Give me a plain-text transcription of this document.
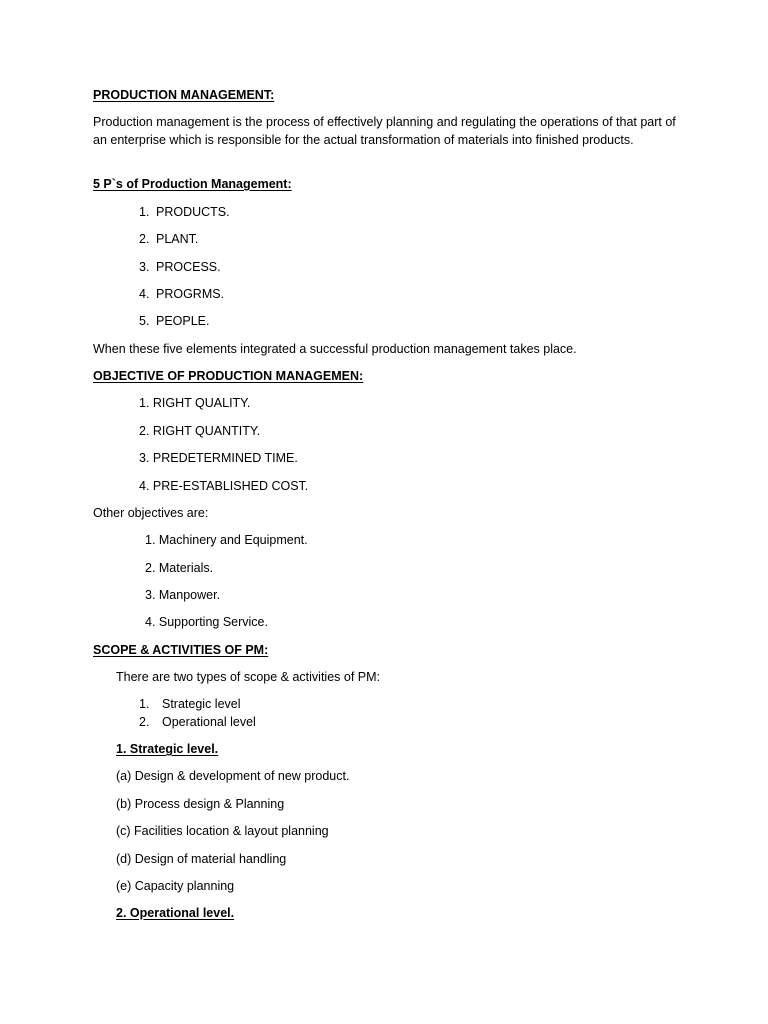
PRODUCTION MANAGEMENT:
Production management is the process of effectively planning and regulating the operations of that part of an enterprise which is responsible for the actual transformation of materials into finished products.
5 P`s of Production Management:
1. PRODUCTS.
2. PLANT.
3. PROCESS.
4. PROGRMS.
5. PEOPLE.
When these five elements integrated a successful production management takes place.
OBJECTIVE OF PRODUCTION MANAGEMEN:
1. RIGHT QUALITY.
2. RIGHT QUANTITY.
3. PREDETERMINED TIME.
4. PRE-ESTABLISHED COST.
Other objectives are:
1. Machinery and Equipment.
2. Materials.
3. Manpower.
4. Supporting Service.
SCOPE & ACTIVITIES OF PM:
There are two types of scope & activities of PM:
1. Strategic level
2. Operational level
1. Strategic level.
(a) Design & development of new product.
(b) Process design & Planning
(c) Facilities location & layout planning
(d) Design of material handling
(e) Capacity planning
2. Operational level.
